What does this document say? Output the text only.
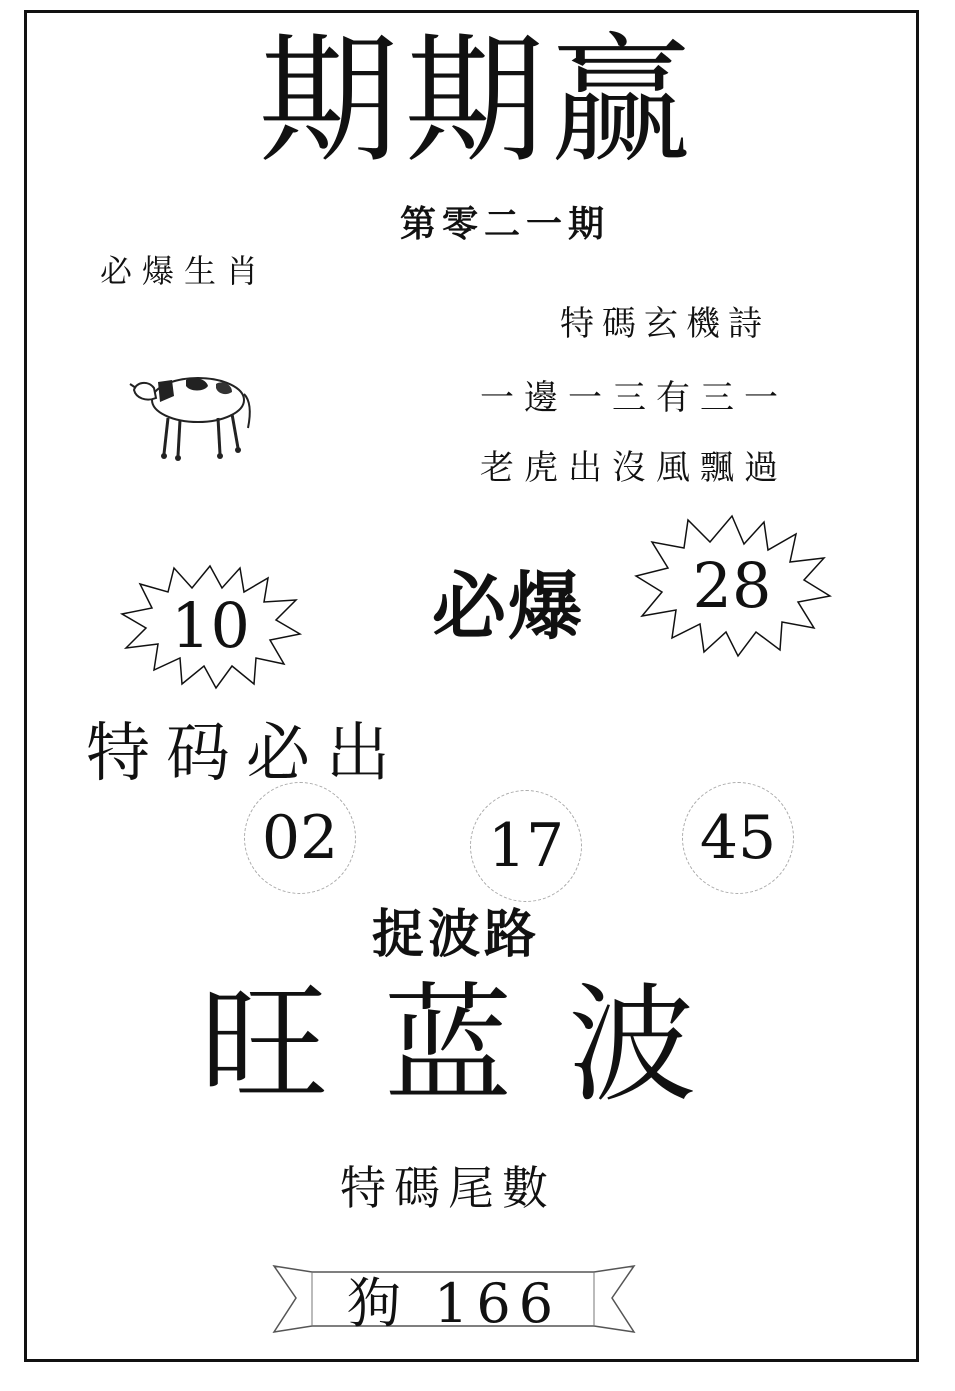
期期赢
第零二一期
必爆生肖
特碼玄機詩
一邊一三有三一
老虎出沒風飄過
必爆	28
10
特码必出
02 17 45
捉波路
旺 蓝 波
特碼尾數
狗 166
